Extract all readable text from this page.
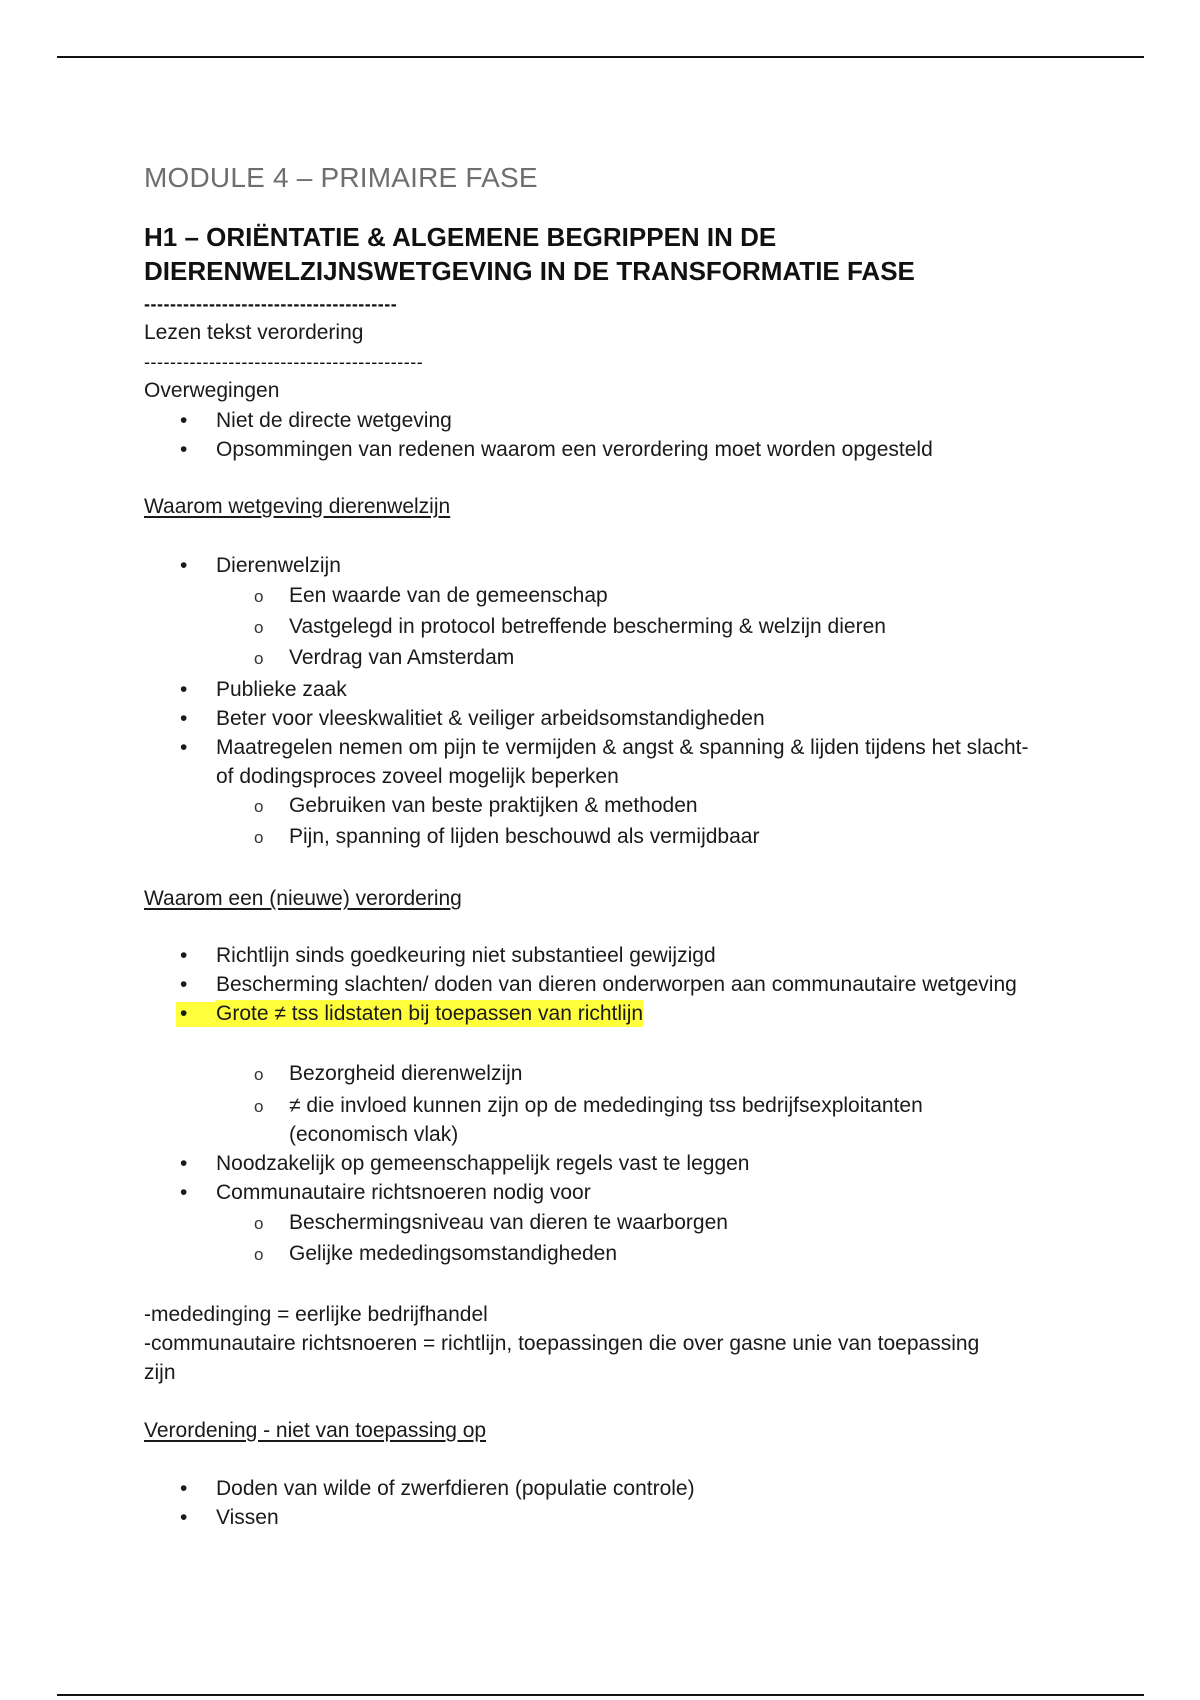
MODULE 4 – PRIMAIRE FASE
H1 – ORIËNTATIE & ALGEMENE BEGRIPPEN IN DE DIERENWELZIJNSWETGEVING IN DE TRANSFORMATIE FASE
---------------------------------------
Lezen tekst verordering
-------------------------------------------
Overwegingen
• Niet de directe wetgeving
• Opsommingen van redenen waarom een verordering moet worden opgesteld
Waarom wetgeving dierenwelzijn
• Dierenwelzijn
o Een waarde van de gemeenschap
o Vastgelegd in protocol betreffende bescherming & welzijn dieren
o Verdrag van Amsterdam
• Publieke zaak
• Beter voor vleeskwalitiet & veiliger arbeidsomstandigheden
• Maatregelen nemen om pijn te vermijden & angst & spanning & lijden tijdens het slacht- of dodingsproces zoveel mogelijk beperken
o Gebruiken van beste praktijken & methoden
o Pijn, spanning of lijden beschouwd als vermijdbaar
Waarom een (nieuwe) verordering
• Richtlijn sinds goedkeuring niet substantieel gewijzigd
• Bescherming slachten/ doden van dieren onderworpen aan communautaire wetgeving
• Grote ≠ tss lidstaten bij toepassen van richtlijn
o Bezorgheid dierenwelzijn
o ≠ die invloed kunnen zijn op de mededinging tss bedrijfsexploitanten (economisch vlak)
• Noodzakelijk op gemeenschappelijk regels vast te leggen
• Communautaire richtsnoeren nodig voor
o Beschermingsniveau van dieren te waarborgen
o Gelijke mededingsomstandigheden
-mededinging = eerlijke bedrijfhandel
-communautaire richtsnoeren = richtlijn, toepassingen die over gasne unie van toepassing zijn
Verordening - niet van toepassing op
• Doden van wilde of zwerfdieren (populatie controle)
• Vissen
